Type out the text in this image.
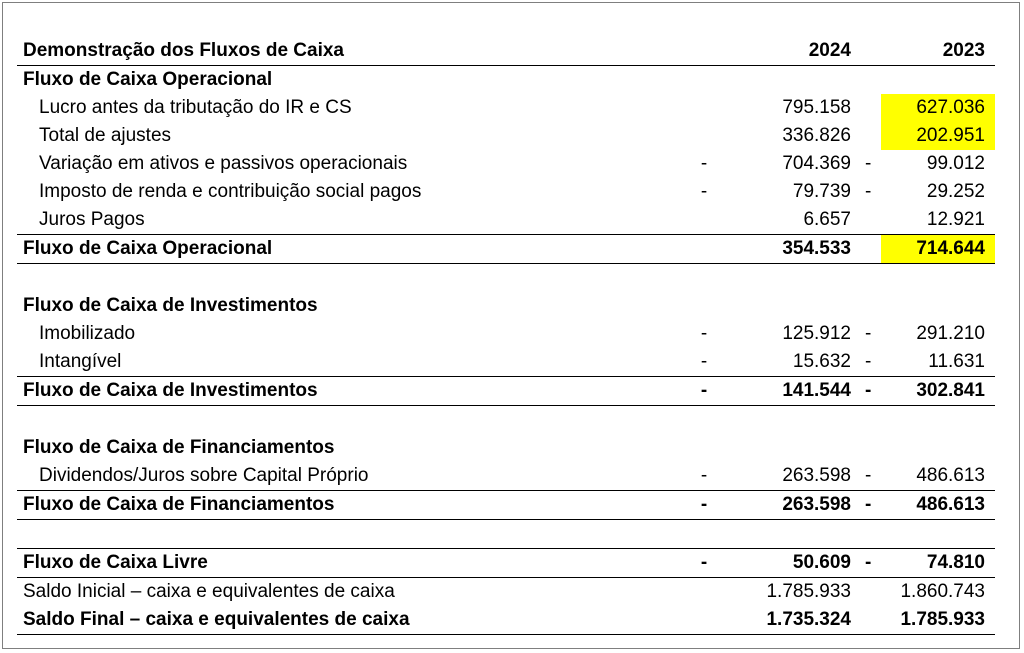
Demonstração dos Fluxos de Caixa		2024		2023
Fluxo de Caixa Operacional				
Lucro antes da tributação do IR e CS		795.158		627.036
Total de ajustes		336.826		202.951
Variação em ativos e passivos operacionais	-	704.369	-	99.012
Imposto de renda e contribuição social pagos	-	79.739	-	29.252
Juros Pagos		6.657		12.921
Fluxo de Caixa Operacional		354.533		714.644

Fluxo de Caixa de Investimentos				
Imobilizado	-	125.912	-	291.210
Intangível	-	15.632	-	11.631
Fluxo de Caixa de Investimentos	-	141.544	-	302.841

Fluxo de Caixa de Financiamentos				
Dividendos/Juros sobre Capital Próprio	-	263.598	-	486.613
Fluxo de Caixa de Financiamentos	-	263.598	-	486.613

Fluxo de Caixa Livre	-	50.609	-	74.810
Saldo Inicial – caixa e equivalentes de caixa		1.785.933		1.860.743
Saldo Final – caixa e equivalentes de caixa		1.735.324		1.785.933
